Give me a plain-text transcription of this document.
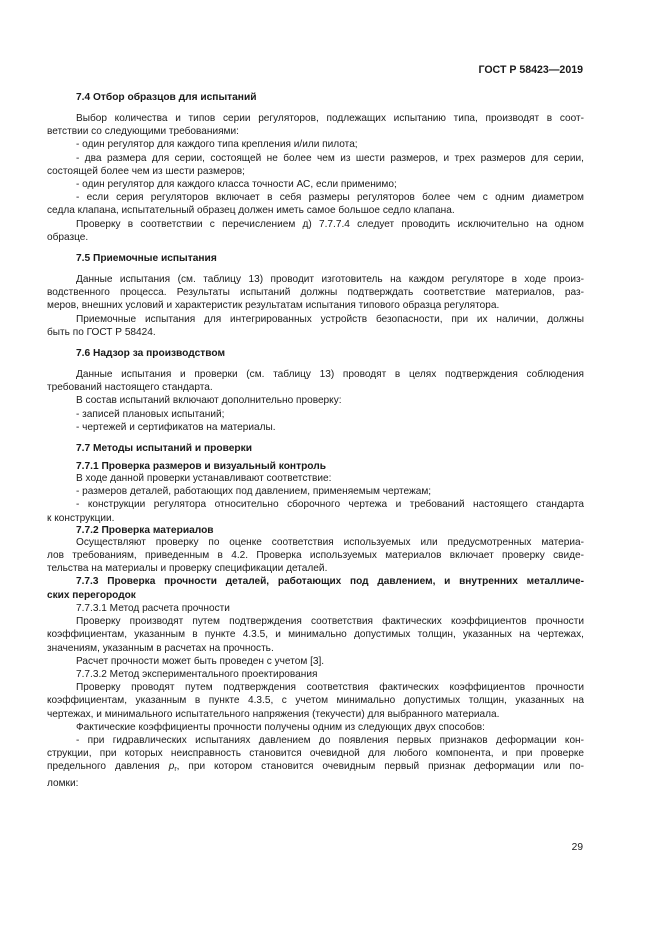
ГОСТ Р 58423—2019
7.4 Отбор образцов для испытаний

Выбор количества и типов серии регуляторов, подлежащих испытанию типа, производят в соот-
ветствии со следующими требованиями:

- один регулятор для каждого типа крепления и/или пилота;

- два размера для серии, состоящей не более чем из шести размеров, и трех размеров для серии,
состоящей более чем из шести размеров;

- один регулятор для каждого класса точности АС, если применимо;

- если серия регуляторов включает в себя размеры регуляторов более чем с одним диаметром
седла клапана, испытательный образец должен иметь самое большое седло клапана.

Проверку в соответствии с перечислением д) 7.7.7.4 следует проводить исключительно на одном
образце.

7.5 Приемочные испытания

Данные испытания (см. таблицу 13) проводит изготовитель на каждом регуляторе в ходе произ-
водственного процесса. Результаты испытаний должны подтверждать соответствие материалов, раз-
меров, внешних условий и характеристик результатам испытания типового образца регулятора.

Приемочные испытания для интегрированных устройств безопасности, при их наличии, должны
быть по ГОСТ Р 58424.

7.6 Надзор за производством

Данные испытания и проверки (см. таблицу 13) проводят в целях подтверждения соблюдения
требований настоящего стандарта.

В состав испытаний включают дополнительно проверку:

- записей плановых испытаний;

- чертежей и сертификатов на материалы.

7.7 Методы испытаний и проверки
7.7.1 Проверка размеров и визуальный контроль

В ходе данной проверки устанавливают соответствие:

- размеров деталей, работающих под давлением, применяемым чертежам;

- конструкции регулятора относительно сборочного чертежа и требований настоящего стандарта
к конструкции.

7.7.2 Проверка материалов

Осуществляют проверку по оценке соответствия используемых или предусмотренных материа-
лов требованиям, приведенным в 4.2. Проверка используемых материалов включает проверку свиде-
тельства на материалы и проверку спецификации деталей.

7.7.3 Проверка прочности деталей, работающих под давлением, и внутренних металличе-
ских перегородок

7.7.3.1 Метод расчета прочности

Проверку производят путем подтверждения соответствия фактических коэффициентов прочности
коэффициентам, указанным в пункте 4.3.5, и минимально допустимых толщин, указанных на чертежах,
значениям, указанным в расчетах на прочность.

Расчет прочности может быть проведен с учетом [3].

7.7.3.2 Метод экспериментального проектирования

Проверку проводят путем подтверждения соответствия фактических коэффициентов прочности
коэффициентам, указанным в пункте 4.3.5, с учетом минимально допустимых толщин, указанных на
чертежах, и минимального испытательного напряжения (текучести) для выбранного материала.

Фактические коэффициенты прочности получены одним из следующих двух способов:

- при гидравлических испытаниях давлением до появления первых признаков деформации кон-
струкции, при которых неисправность становится очевидной для любого компонента, и при проверке
предельного давления $p_r$, при котором становится очевидным первый признак деформации или по-
ломки:

29
